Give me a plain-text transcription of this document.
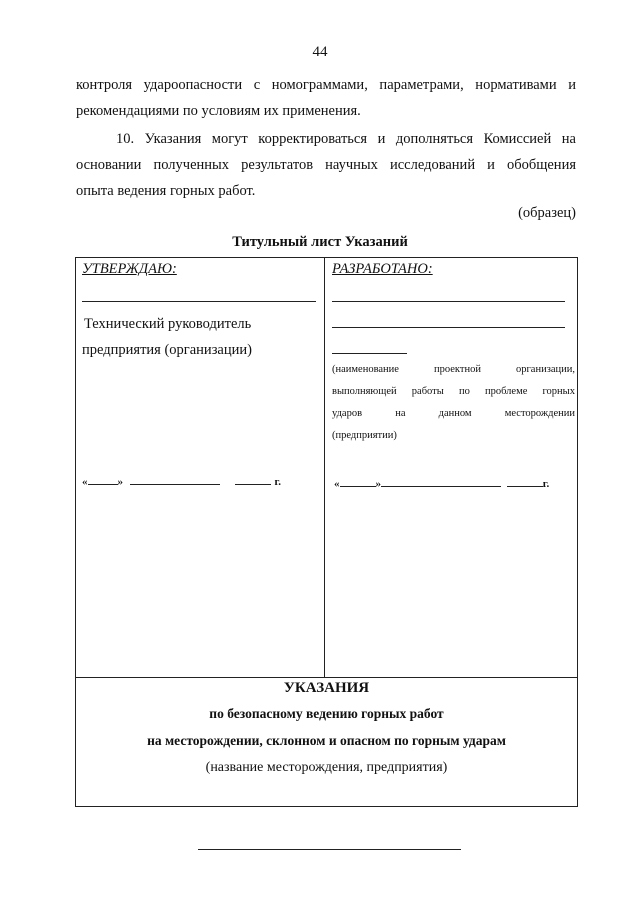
44
контроля удароопасности с номограммами, параметрами, нормативами и
рекомендациями по условиям их применения.
10. Указания могут корректироваться и дополняться Комиссией на
основании полученных результатов научных исследований и обобщения
опыта ведения горных работ.
(образец)
Титульный лист Указаний
УТВЕРЖДАЮ:
Технический руководитель
предприятия (организации)
«	»	г.
РАЗРАБОТАНО:
(наименование проектной организации,
выполняющей работы по проблеме горных
ударов на данном месторождении
(предприятии)
«	»	г.
УКАЗАНИЯ
по безопасному ведению горных работ
на месторождении, склонном и опасном по горным ударам
(название месторождения, предприятия)
